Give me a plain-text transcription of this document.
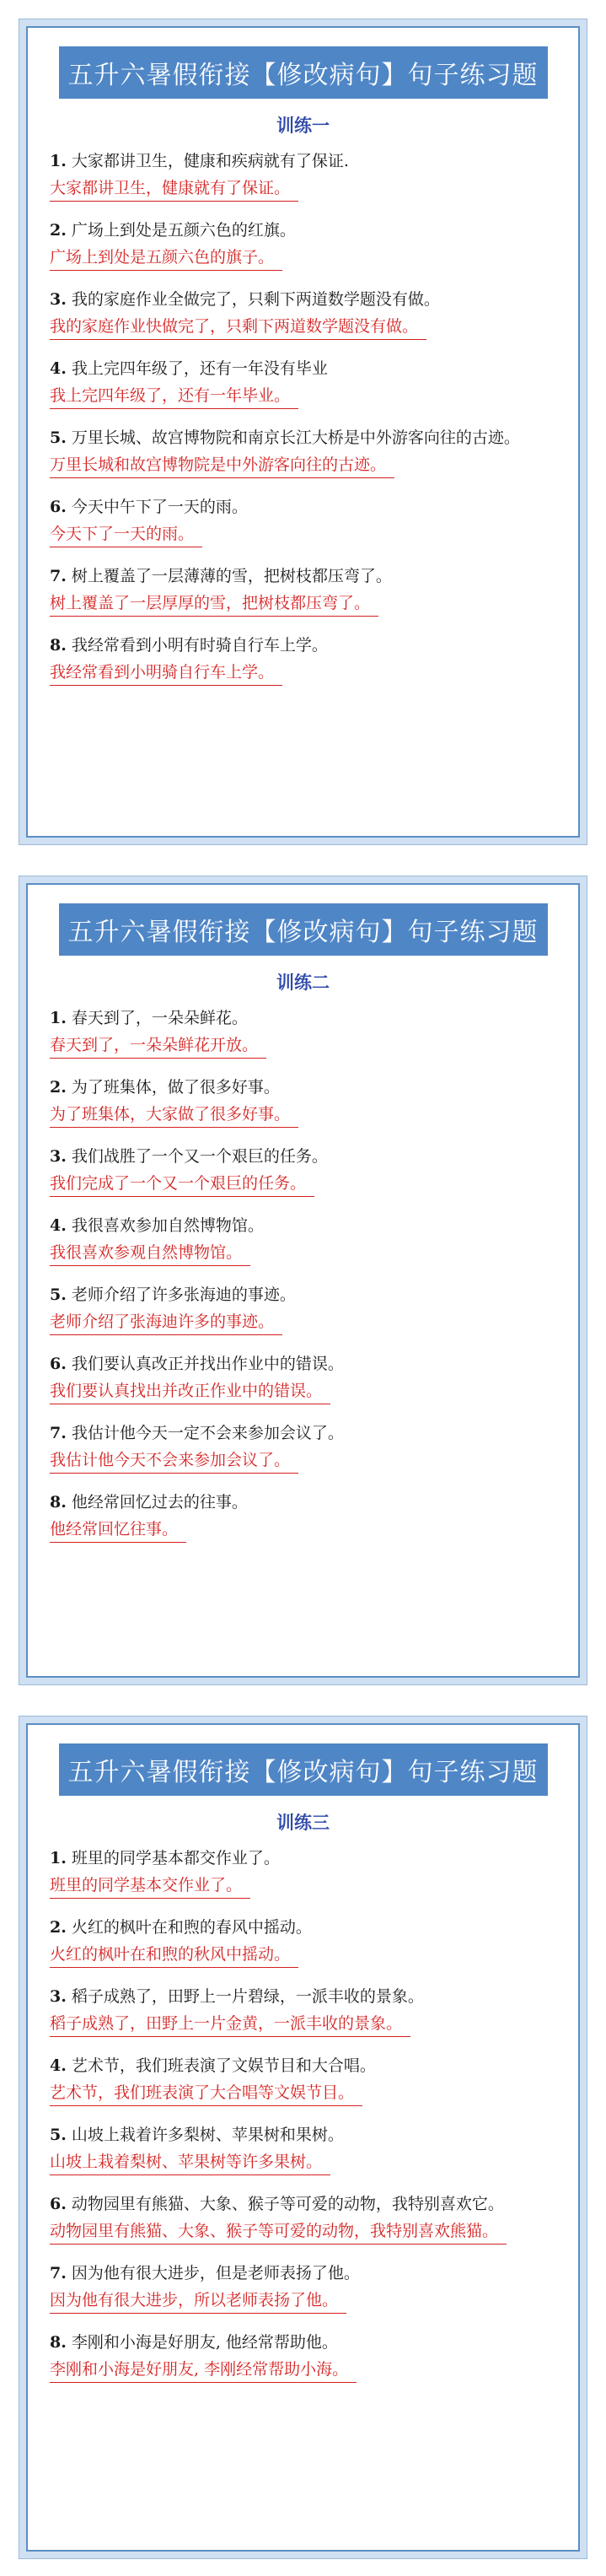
五升六暑假衔接【修改病句】句子练习题
训练一
1. 大家都讲卫生，健康和疾病就有了保证.
大家都讲卫生，健康就有了保证。
2. 广场上到处是五颜六色的红旗。
广场上到处是五颜六色的旗子。
3. 我的家庭作业全做完了，只剩下两道数学题没有做。
我的家庭作业快做完了，只剩下两道数学题没有做。
4. 我上完四年级了，还有一年没有毕业
我上完四年级了，还有一年毕业。
5. 万里长城、故宫博物院和南京长江大桥是中外游客向往的古迹。
万里长城和故宫博物院是中外游客向往的古迹。
6. 今天中午下了一天的雨。
今天下了一天的雨。
7. 树上覆盖了一层薄薄的雪，把树枝都压弯了。
树上覆盖了一层厚厚的雪，把树枝都压弯了。
8. 我经常看到小明有时骑自行车上学。
我经常看到小明骑自行车上学。
五升六暑假衔接【修改病句】句子练习题
训练二
1. 春天到了，一朵朵鲜花。
春天到了，一朵朵鲜花开放。
2. 为了班集体，做了很多好事。
为了班集体，大家做了很多好事。
3. 我们战胜了一个又一个艰巨的任务。
我们完成了一个又一个艰巨的任务。
4. 我很喜欢参加自然博物馆。
我很喜欢参观自然博物馆。
5. 老师介绍了许多张海迪的事迹。
老师介绍了张海迪许多的事迹。
6. 我们要认真改正并找出作业中的错误。
我们要认真找出并改正作业中的错误。
7. 我估计他今天一定不会来参加会议了。
我估计他今天不会来参加会议了。
8. 他经常回忆过去的往事。
他经常回忆往事。
五升六暑假衔接【修改病句】句子练习题
训练三
1. 班里的同学基本都交作业了。
班里的同学基本交作业了。
2. 火红的枫叶在和煦的春风中摇动。
火红的枫叶在和煦的秋风中摇动。
3. 稻子成熟了，田野上一片碧绿，一派丰收的景象。
稻子成熟了，田野上一片金黄，一派丰收的景象。
4. 艺术节，我们班表演了文娱节目和大合唱。
艺术节，我们班表演了大合唱等文娱节目。
5. 山坡上栽着许多梨树、苹果树和果树。
山坡上栽着梨树、苹果树等许多果树。
6. 动物园里有熊猫、大象、猴子等可爱的动物，我特别喜欢它。
动物园里有熊猫、大象、猴子等可爱的动物，我特别喜欢熊猫。
7. 因为他有很大进步，但是老师表扬了他。
因为他有很大进步，所以老师表扬了他。
8. 李刚和小海是好朋友, 他经常帮助他。
李刚和小海是好朋友, 李刚经常帮助小海。
